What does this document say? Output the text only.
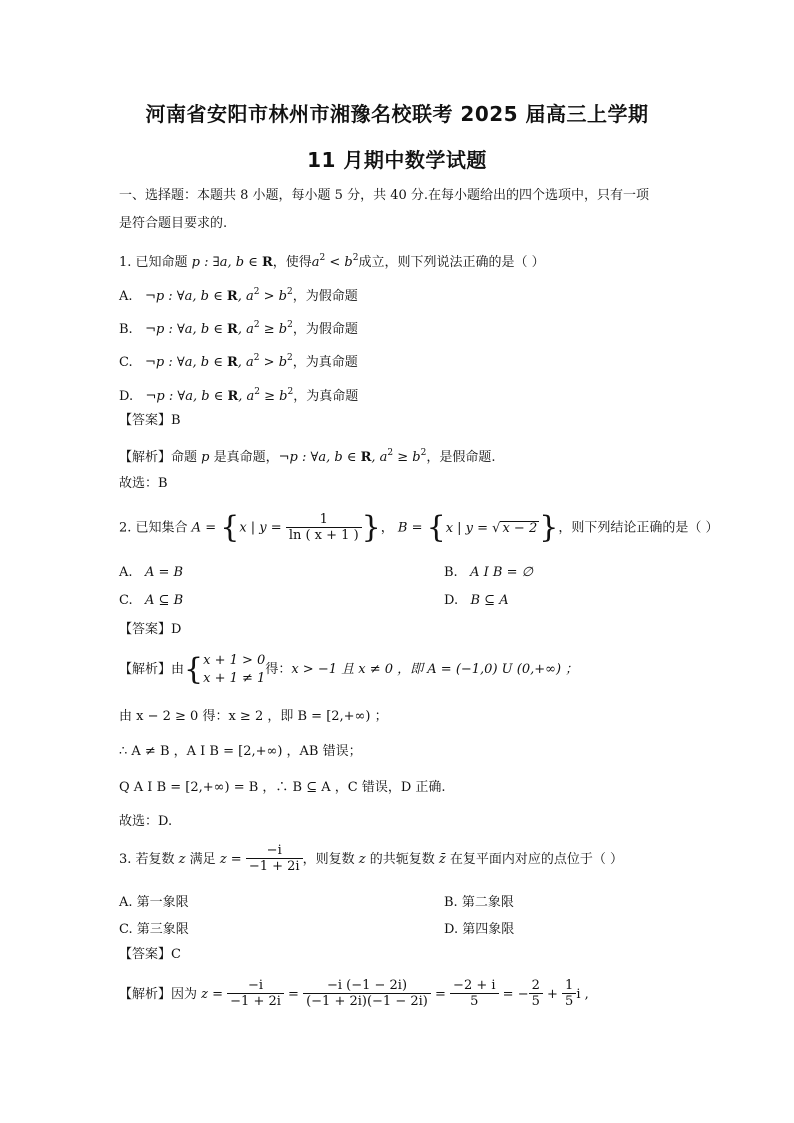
河南省安阳市林州市湘豫名校联考 2025 届高三上学期
11 月期中数学试题
一、选择题：本题共 8 小题，每小题 5 分，共 40 分.在每小题给出的四个选项中，只有一项
是符合题目要求的.
1. 已知命题 p : ∃a, b ∈ R，使得$a^2 < b^2$成立，则下列说法正确的是（ ）
A. ¬p : ∀a, b ∈ R, $a^2 > b^2$，为假命题
B. ¬p : ∀a, b ∈ R, $a^2 \ge b^2$，为假命题
C. ¬p : ∀a, b ∈ R, $a^2 > b^2$，为真命题
D. ¬p : ∀a, b ∈ R, $a^2 \ge b^2$，为真命题
【答案】B
【解析】命题 p 是真命题，¬p : ∀a, b ∈ R, $a^2 \ge b^2$，是假命题.
故选：B
2. 已知集合 A = {x | $y = \frac{1}{\ln ( x + 1 )}$ }， B = {x | y = √ x − 2}，则下列结论正确的是（ ）
A. A = B	B. A I B = ∅
C. A ⊆ B	D. B ⊆ A
【答案】D
【解析】由{x + 1 > 0
x + 1 ≠ 1得：x > −1 且 x ≠ 0 ，即 A = (−1,0) U (0,+∞) ；
由 x − 2 ≥ 0 得：x ≥ 2 ，即 B = [2,+∞) ；
∴ A ≠ B ，A I B = [2,+∞) ，AB 错误；
Q A I B = [2,+∞) = B ，∴ B ⊆ A ，C 错误，D 正确.
故选：D.
3. 若复数 z 满足 $z = \frac{-i}{-1 + 2i}$ ，则复数 z 的共轭复数 z̄ 在复平面内对应的点位于（ ）
A. 第一象限	B. 第二象限
C. 第三象限	D. 第四象限
【答案】C
【解析】因为 $z = \frac{-i}{-1 + 2i} = \frac{-i (-1 - 2i)}{(-1 + 2i)(-1 - 2i)} = \frac{-2 + i}{5}$ = − $\frac{2}{5} + \frac{1}{5}$ i ,
